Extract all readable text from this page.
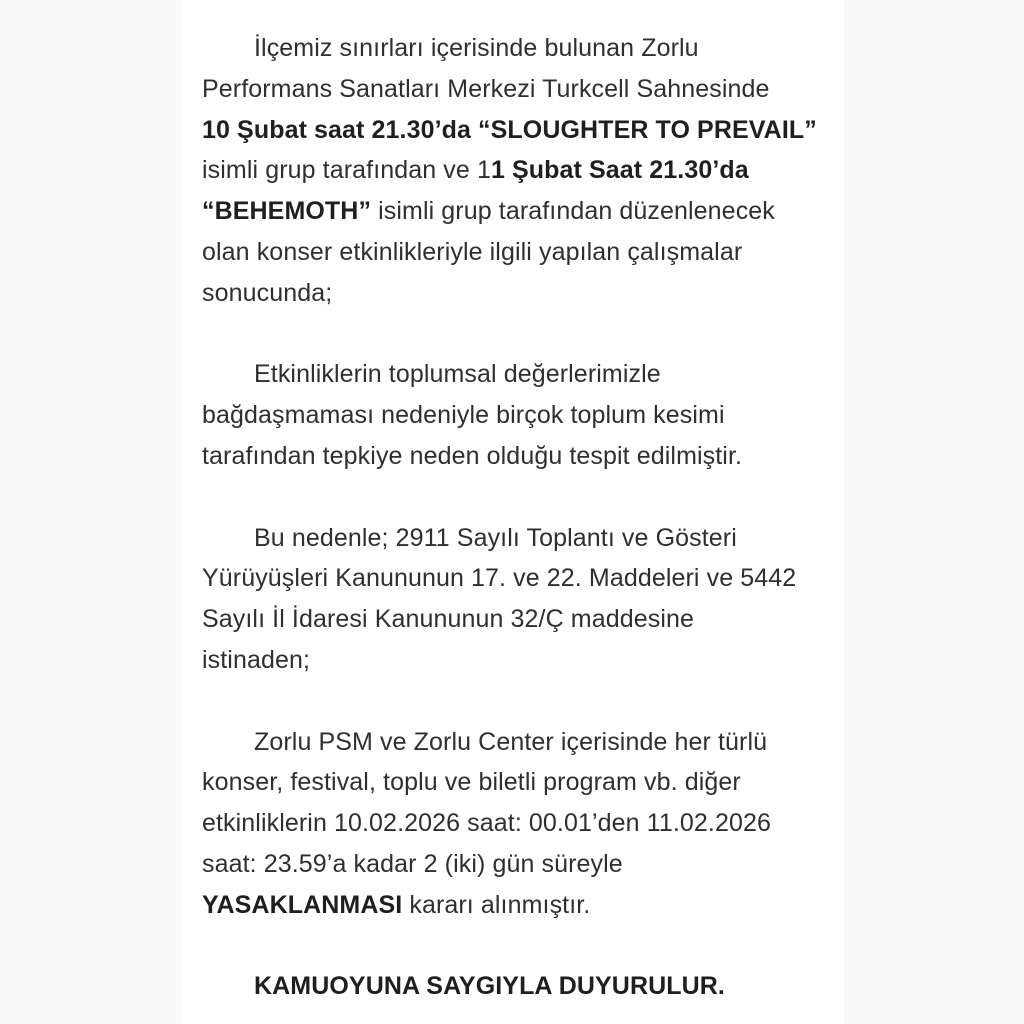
İlçemiz sınırları içerisinde bulunan Zorlu
Performans Sanatları Merkezi Turkcell Sahnesinde
10 Şubat saat 21.30’da “SLOUGHTER TO PREVAIL”
isimli grup tarafından ve 11 Şubat Saat 21.30’da
“BEHEMOTH” isimli grup tarafından düzenlenecek
olan konser etkinlikleriyle ilgili yapılan çalışmalar
sonucunda;
Etkinliklerin toplumsal değerlerimizle
bağdaşmaması nedeniyle birçok toplum kesimi
tarafından tepkiye neden olduğu tespit edilmiştir.
Bu nedenle; 2911 Sayılı Toplantı ve Gösteri
Yürüyüşleri Kanununun 17. ve 22. Maddeleri ve 5442
Sayılı İl İdaresi Kanununun 32/Ç maddesine
istinaden;
Zorlu PSM ve Zorlu Center içerisinde her türlü
konser, festival, toplu ve biletli program vb. diğer
etkinliklerin 10.02.2026 saat: 00.01’den 11.02.2026
saat: 23.59’a kadar 2 (iki) gün süreyle
YASAKLANMASI kararı alınmıştır.
KAMUOYUNA SAYGIYLA DUYURULUR.
